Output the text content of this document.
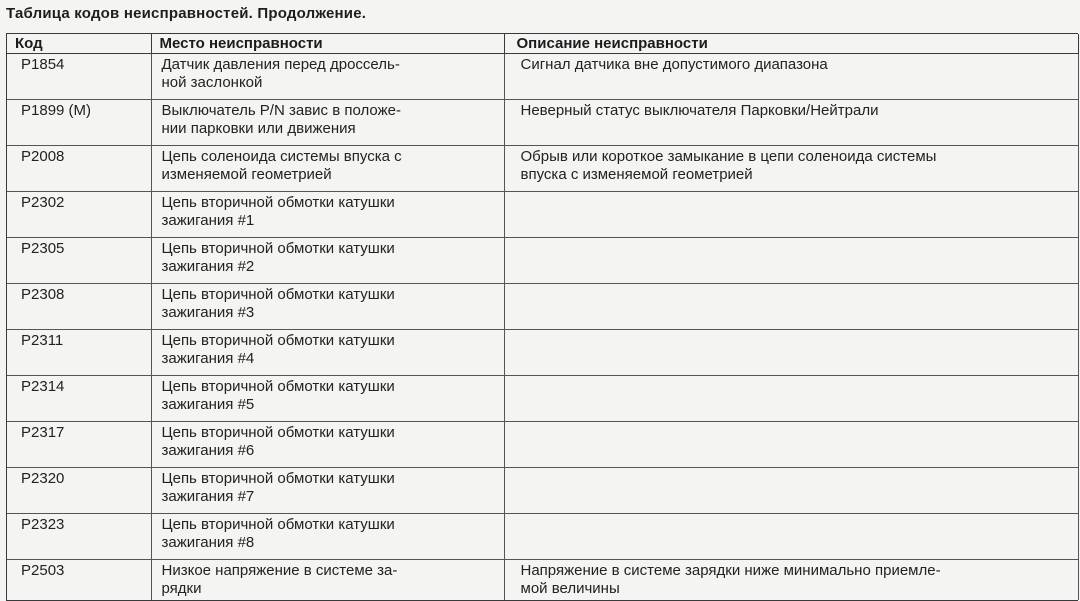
Таблица кодов неисправностей. Продолжение.
Код	Место неисправности	Описание неисправности
P1854	Датчик давления перед дроссель-
ной заслонкой	Сигнал датчика вне допустимого диапазона

P1899 (M)	Выключатель P/N завис в положе-
нии парковки или движения	Неверный статус выключателя Парковки/Нейтрали

P2008	Цепь соленоида системы впуска с
изменяемой геометрией	Обрыв или короткое замыкание в цепи соленоида системы
впуска с изменяемой геометрией

P2302	Цепь вторичной обмотки катушки
зажигания #1	

P2305	Цепь вторичной обмотки катушки
зажигания #2	

P2308	Цепь вторичной обмотки катушки
зажигания #3	

P2311	Цепь вторичной обмотки катушки
зажигания #4	

P2314	Цепь вторичной обмотки катушки
зажигания #5	

P2317	Цепь вторичной обмотки катушки
зажигания #6	

P2320	Цепь вторичной обмотки катушки
зажигания #7	

P2323	Цепь вторичной обмотки катушки
зажигания #8	

P2503	Низкое напряжение в системе за-
рядки	Напряжение в системе зарядки ниже минимально приемле-
мой величины
